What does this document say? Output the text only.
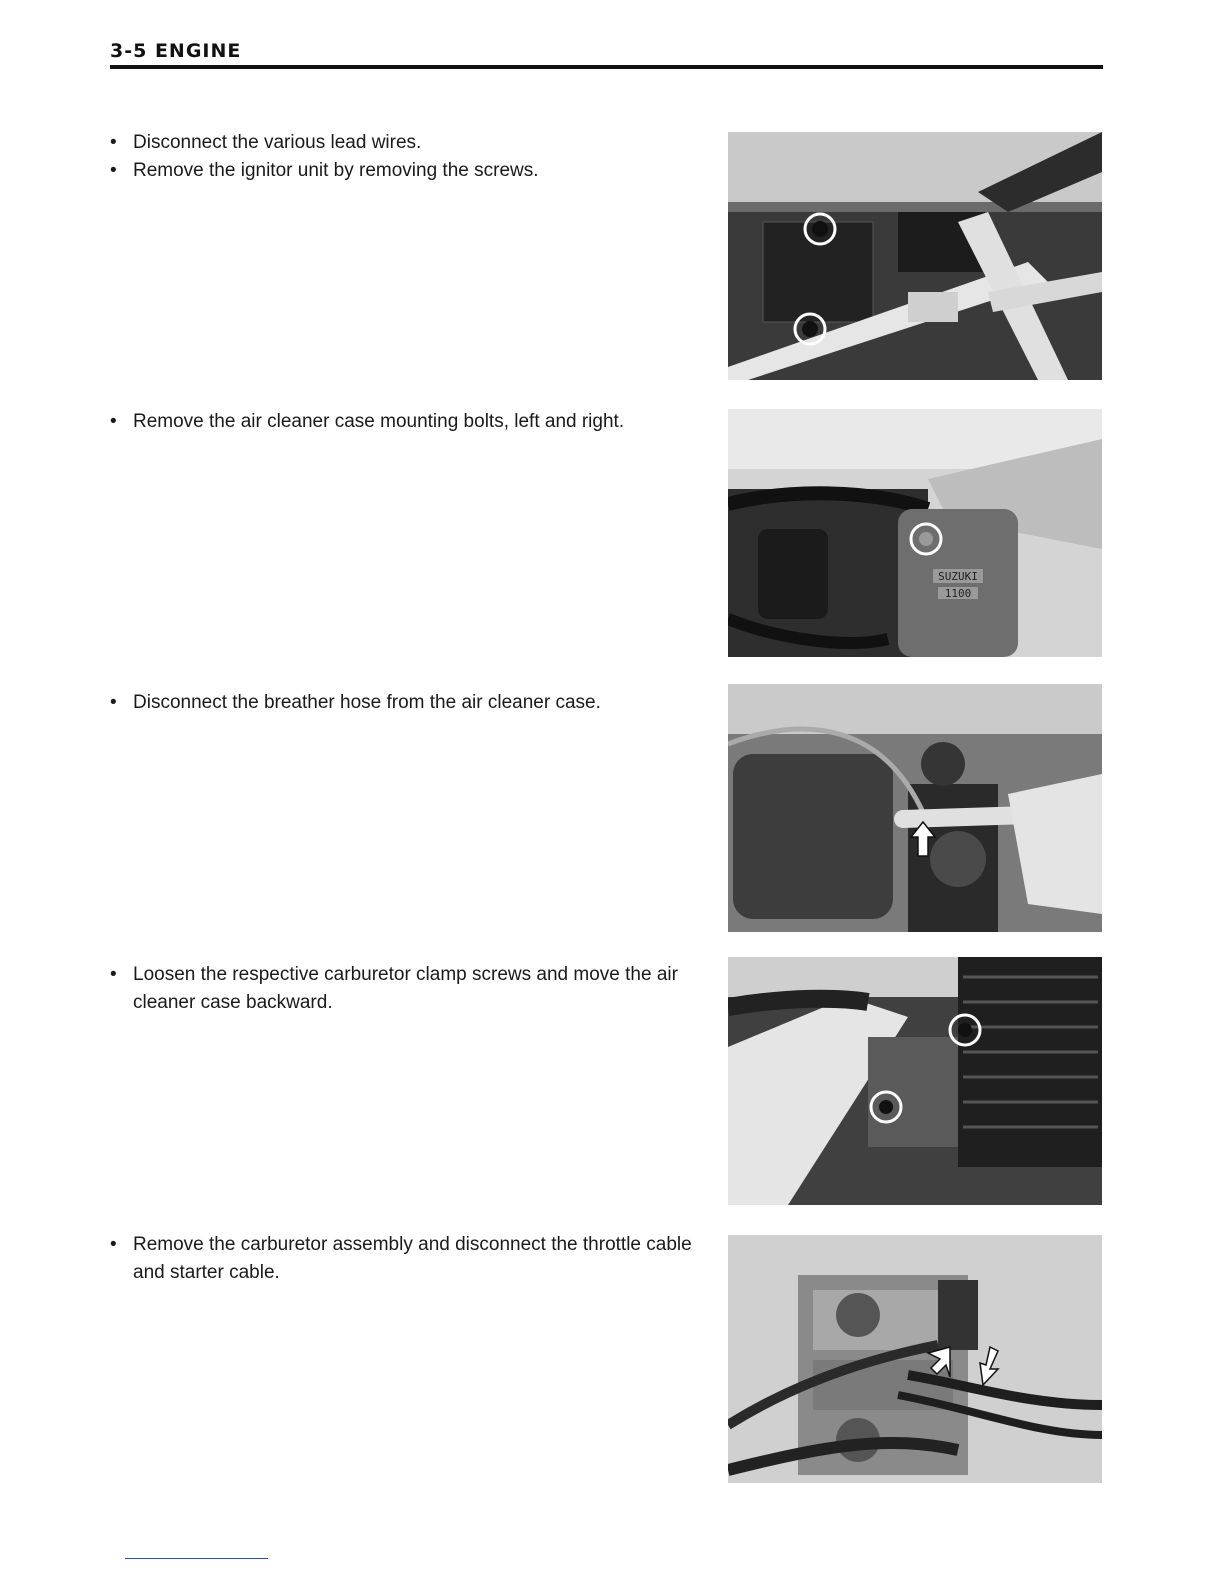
3-5 ENGINE
• Disconnect the various lead wires.
• Remove the ignitor unit by removing the screws.
• Remove the air cleaner case mounting bolts, left and right.
• Disconnect the breather hose from the air cleaner case.
• Loosen the respective carburetor clamp screws and move the air cleaner case backward.
• Remove the carburetor assembly and disconnect the throttle cable and starter cable.
SUZUKI
1100
